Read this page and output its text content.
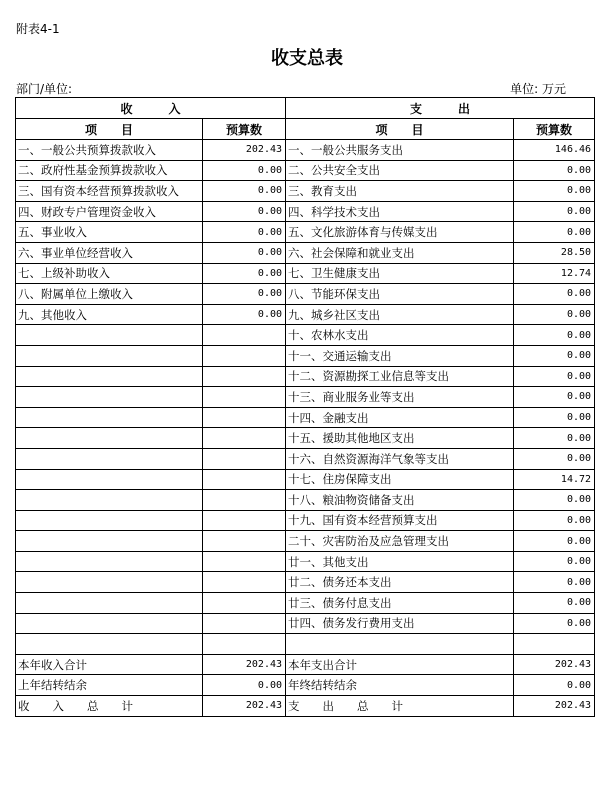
附表4-1
收支总表
部门/单位:	单位: 万元
收　　　入		支　　　出	
项　　目	预算数	项　　目	预算数
一、一般公共预算拨款收入	202.43	一、一般公共服务支出	146.46
二、政府性基金预算拨款收入	0.00	二、公共安全支出	0.00
三、国有资本经营预算拨款收入	0.00	三、教育支出	0.00
四、财政专户管理资金收入	0.00	四、科学技术支出	0.00
五、事业收入	0.00	五、文化旅游体育与传媒支出	0.00
六、事业单位经营收入	0.00	六、社会保障和就业支出	28.50
七、上级补助收入	0.00	七、卫生健康支出	12.74
八、附属单位上缴收入	0.00	八、节能环保支出	0.00
九、其他收入	0.00	九、城乡社区支出	0.00
		十、农林水支出	0.00
		十一、交通运输支出	0.00
		十二、资源勘探工业信息等支出	0.00
		十三、商业服务业等支出	0.00
		十四、金融支出	0.00
		十五、援助其他地区支出	0.00
		十六、自然资源海洋气象等支出	0.00
		十七、住房保障支出	14.72
		十八、粮油物资储备支出	0.00
		十九、国有资本经营预算支出	0.00
		二十、灾害防治及应急管理支出	0.00
		廿一、其他支出	0.00
		廿二、债务还本支出	0.00
		廿三、债务付息支出	0.00
		廿四、债务发行费用支出	0.00

本年收入合计	202.43	本年支出合计	202.43
上年结转结余	0.00	年终结转结余	0.00
收　　入　　总　　计	202.43	支　　出　　总　　计	202.43
